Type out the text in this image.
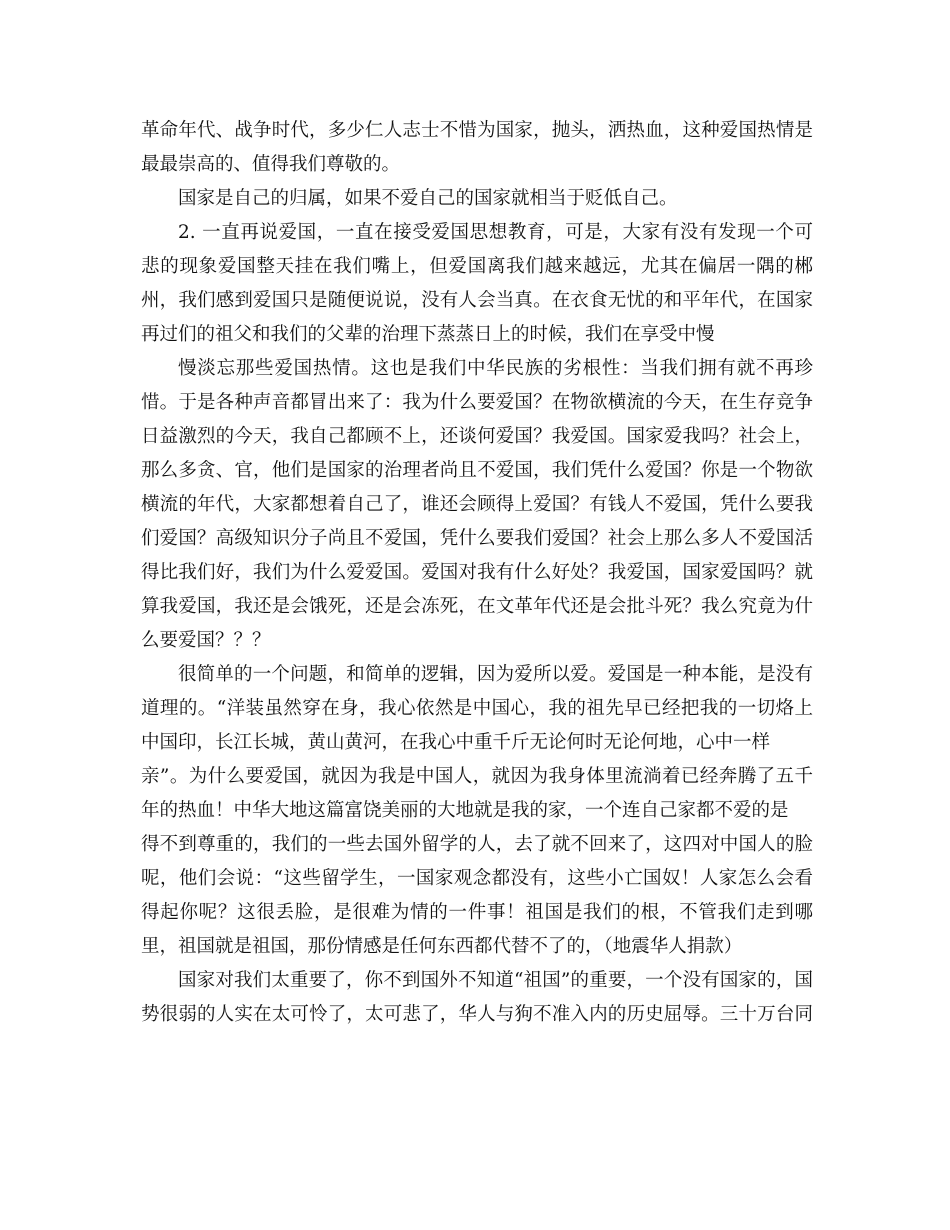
革命年代、战争时代，多少仁人志士不惜为国家，抛头，洒热血，这种爱国热情是
最最崇高的、值得我们尊敬的。
国家是自己的归属，如果不爱自己的国家就相当于贬低自己。
2. 一直再说爱国，一直在接受爱国思想教育，可是，大家有没有发现一个可
悲的现象爱国整天挂在我们嘴上，但爱国离我们越来越远，尤其在偏居一隅的郴
州，我们感到爱国只是随便说说，没有人会当真。在衣食无忧的和平年代，在国家
再过们的祖父和我们的父辈的治理下蒸蒸日上的时候，我们在享受中慢
慢淡忘那些爱国热情。这也是我们中华民族的劣根性：当我们拥有就不再珍
惜。于是各种声音都冒出来了：我为什么要爱国？在物欲横流的今天，在生存竞争
日益激烈的今天，我自己都顾不上，还谈何爱国？我爱国。国家爱我吗？社会上，
那么多贪、官，他们是国家的治理者尚且不爱国，我们凭什么爱国？你是一个物欲
横流的年代，大家都想着自己了，谁还会顾得上爱国？有钱人不爱国，凭什么要我
们爱国？高级知识分子尚且不爱国，凭什么要我们爱国？社会上那么多人不爱国活
得比我们好，我们为什么爱爱国。爱国对我有什么好处？我爱国，国家爱国吗？就
算我爱国，我还是会饿死，还是会冻死，在文革年代还是会批斗死？我么究竟为什
么要爱国？？？
很简单的一个问题，和简单的逻辑，因为爱所以爱。爱国是一种本能，是没有
道理的。“洋装虽然穿在身，我心依然是中国心，我的祖先早已经把我的一切烙上
中国印，长江长城，黄山黄河，在我心中重千斤无论何时无论何地，心中一样
亲”。为什么要爱国，就因为我是中国人，就因为我身体里流淌着已经奔腾了五千
年的热血！中华大地这篇富饶美丽的大地就是我的家，一个连自己家都不爱的是
得不到尊重的，我们的一些去国外留学的人，去了就不回来了，这四对中国人的脸
呢，他们会说：“这些留学生，一国家观念都没有，这些小亡国奴！人家怎么会看
得起你呢？这很丢脸，是很难为情的一件事！祖国是我们的根，不管我们走到哪
里，祖国就是祖国，那份情感是任何东西都代替不了的，（地震华人捐款）
国家对我们太重要了，你不到国外不知道“祖国”的重要，一个没有国家的，国
势很弱的人实在太可怜了，太可悲了，华人与狗不准入内的历史屈辱。三十万台同
